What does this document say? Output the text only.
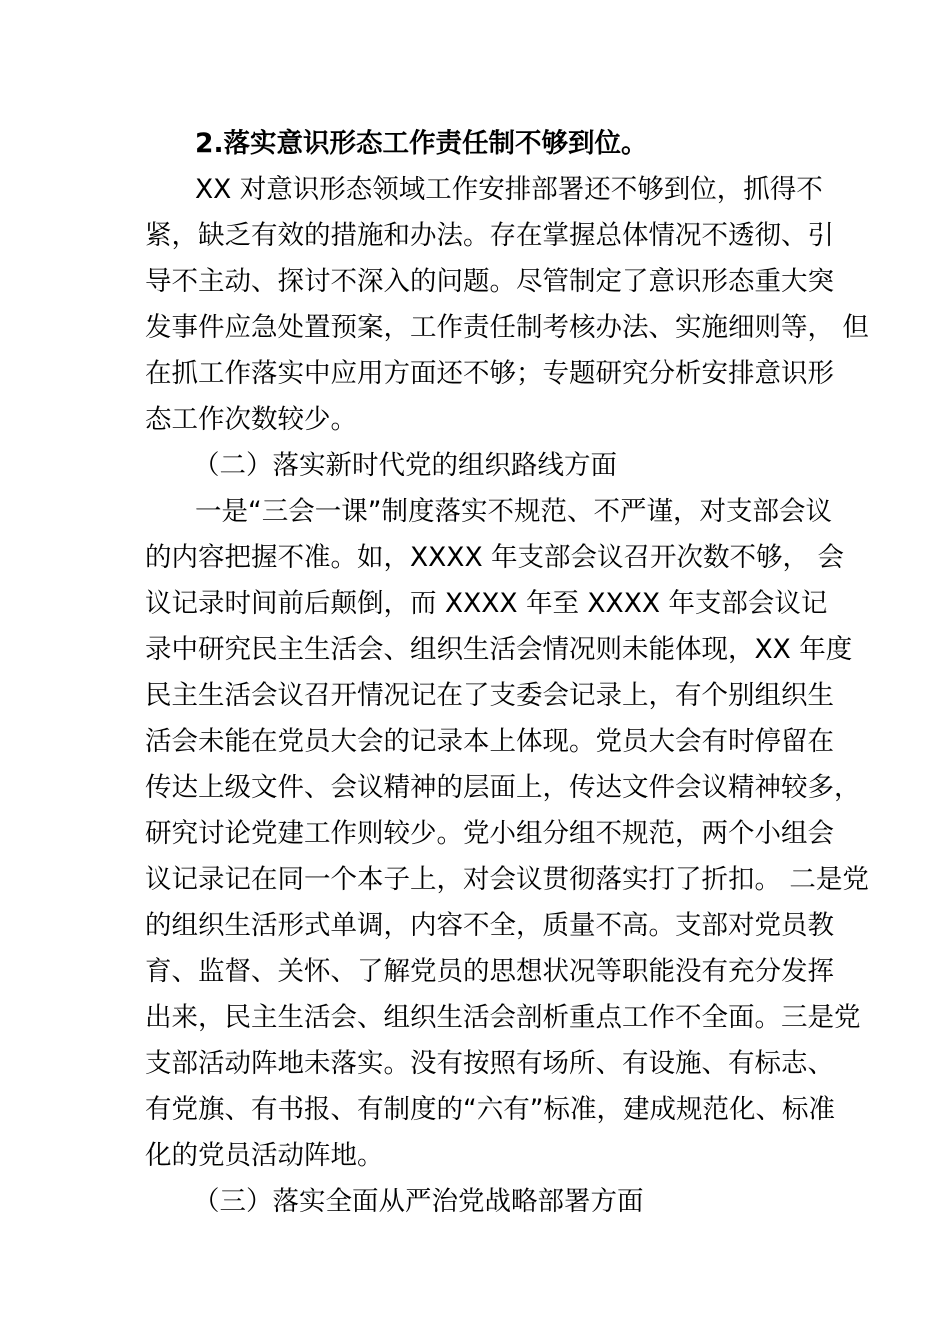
2.落实意识形态工作责任制不够到位。
XX 对意识形态领域工作安排部署还不够到位，抓得不
紧，缺乏有效的措施和办法。存在掌握总体情况不透彻、引
导不主动、探讨不深入的问题。尽管制定了意识形态重大突
发事件应急处置预案，工作责任制考核办法、实施细则等， 但
在抓工作落实中应用方面还不够；专题研究分析安排意识形
态工作次数较少。
（二）落实新时代党的组织路线方面
一是“三会一课”制度落实不规范、不严谨，对支部会议
的内容把握不准。如，XXXX 年支部会议召开次数不够， 会
议记录时间前后颠倒，而 XXXX 年至 XXXX 年支部会议记
录中研究民主生活会、组织生活会情况则未能体现，XX 年度
民主生活会议召开情况记在了支委会记录上，有个别组织生
活会未能在党员大会的记录本上体现。党员大会有时停留在
传达上级文件、会议精神的层面上，传达文件会议精神较多，
研究讨论党建工作则较少。党小组分组不规范，两个小组会
议记录记在同一个本子上，对会议贯彻落实打了折扣。 二是党
的组织生活形式单调，内容不全，质量不高。支部对党员教
育、监督、关怀、了解党员的思想状况等职能没有充分发挥
出来，民主生活会、组织生活会剖析重点工作不全面。三是党
支部活动阵地未落实。没有按照有场所、有设施、有标志、
有党旗、有书报、有制度的“六有”标准，建成规范化、标准
化的党员活动阵地。
（三）落实全面从严治党战略部署方面
